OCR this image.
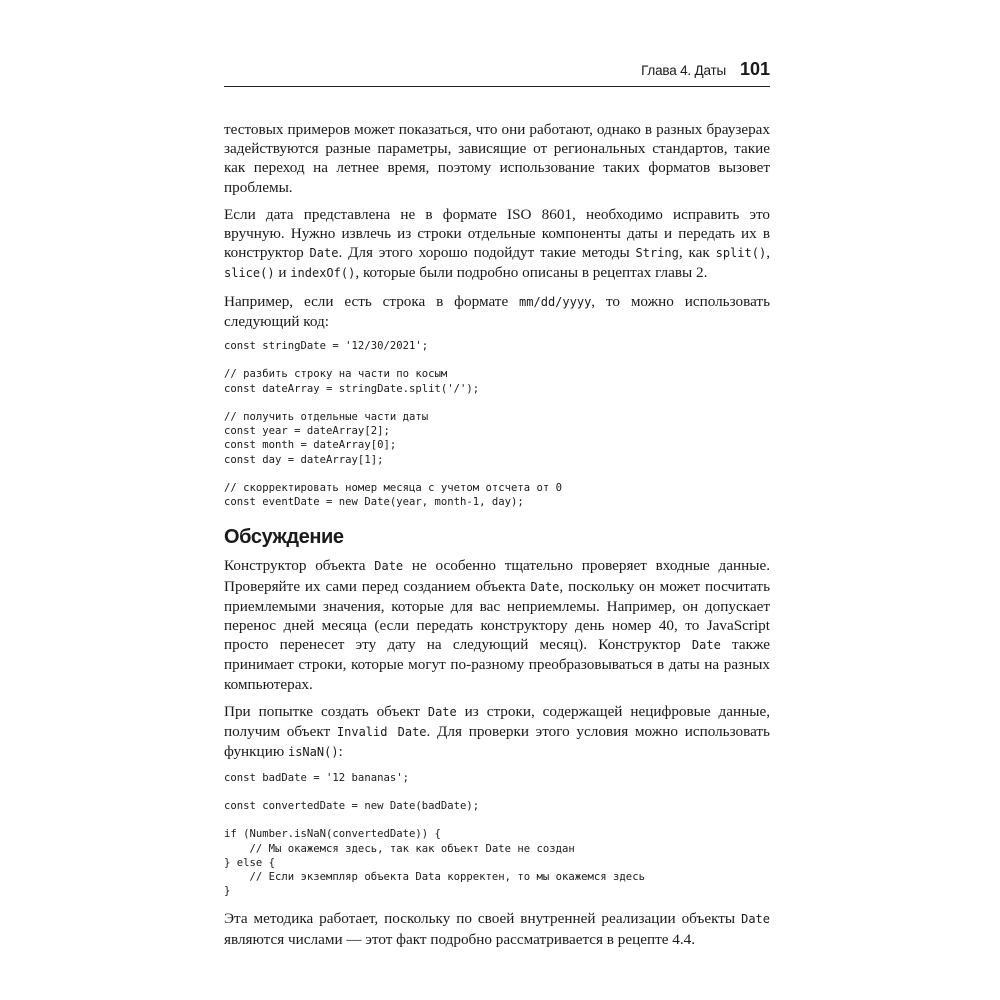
Глава 4. Даты 101

тестовых примеров может показаться, что они работают, однако в разных браузерах задействуются разные параметры, зависящие от региональных стандартов, такие как переход на летнее время, поэтому использование таких форматов вызовет проблемы.

Если дата представлена не в формате ISO 8601, необходимо исправить это вручную. Нужно извлечь из строки отдельные компоненты даты и передать их в конструктор Date. Для этого хорошо подойдут такие методы String, как split(), slice() и indexOf(), которые были подробно описаны в рецептах главы 2.

Например, если есть строка в формате mm/dd/yyyy, то можно использовать следующий код:

const stringDate = '12/30/2021';

// разбить строку на части по косым
const dateArray = stringDate.split('/');

// получить отдельные части даты
const year = dateArray[2];
const month = dateArray[0];
const day = dateArray[1];

// скорректировать номер месяца с учетом отсчета от 0
const eventDate = new Date(year, month-1, day);
Обсуждение

Конструктор объекта Date не особенно тщательно проверяет входные данные. Проверяйте их сами перед созданием объекта Date, поскольку он может посчитать приемлемыми значения, которые для вас неприемлемы. Например, он допускает перенос дней месяца (если передать конструктору день номер 40, то JavaScript просто перенесет эту дату на следующий месяц). Конструктор Date также принимает строки, которые могут по-разному преобразовываться в даты на разных компьютерах.

При попытке создать объект Date из строки, содержащей нецифровые данные, получим объект Invalid Date. Для проверки этого условия можно использовать функцию isNaN():

const badDate = '12 bananas';

const convertedDate = new Date(badDate);

if (Number.isNaN(convertedDate)) {
// Мы окажемся здесь, так как объект Date не создан
} else {
// Если экземпляр объекта Data корректен, то мы окажемся здесь
}

Эта методика работает, поскольку по своей внутренней реализации объекты Date являются числами — этот факт подробно рассматривается в рецепте 4.4.
